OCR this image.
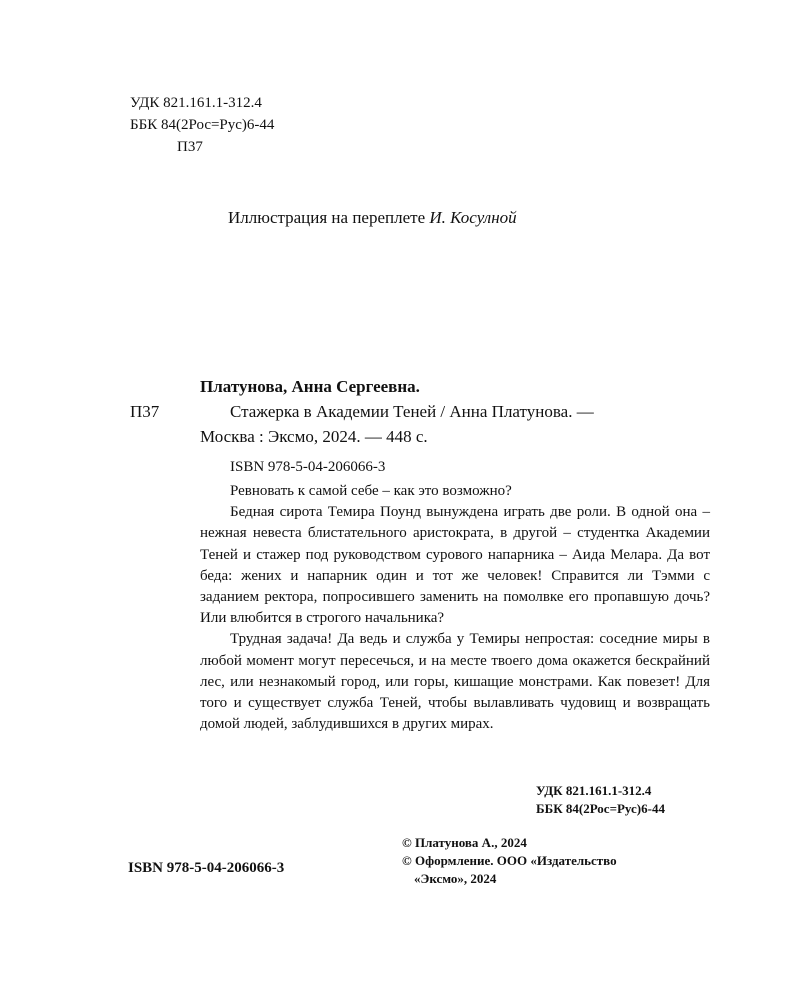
УДК 821.161.1-312.4
ББК 84(2Рос=Рус)6-44
П37
Иллюстрация на переплете И. Косулной
Платунова, Анна Сергеевна.
П37	Стажерка в Академии Теней / Анна Платунова. —
Москва : Эксмо, 2024. — 448 с.
ISBN 978-5-04-206066-3

Ревновать к самой себе – как это возможно?

Бедная сирота Темира Поунд вынуждена играть две роли. В одной она – нежная невеста блистательного аристократа, в другой – студентка Академии Теней и стажер под руководством сурового напарника – Аида Мелара. Да вот беда: жених и напарник один и тот же человек! Справится ли Тэмми с заданием ректора, попросившего заменить на помолвке его пропавшую дочь? Или влюбится в строгого начальника?

Трудная задача! Да ведь и служба у Темиры непростая: соседние миры в любой момент могут пересечься, и на месте твоего дома окажется бескрайний лес, или незнакомый город, или горы, кишащие монстрами. Как повезет! Для того и существует служба Теней, чтобы вылавливать чудовищ и возвращать домой людей, заблудившихся в других мирах.

УДК 821.161.1-312.4
ББК 84(2Рос=Рус)6-44
ISBN 978-5-04-206066-3
© Платунова А., 2024
© Оформление. ООО «Издательство
«Эксмо», 2024
